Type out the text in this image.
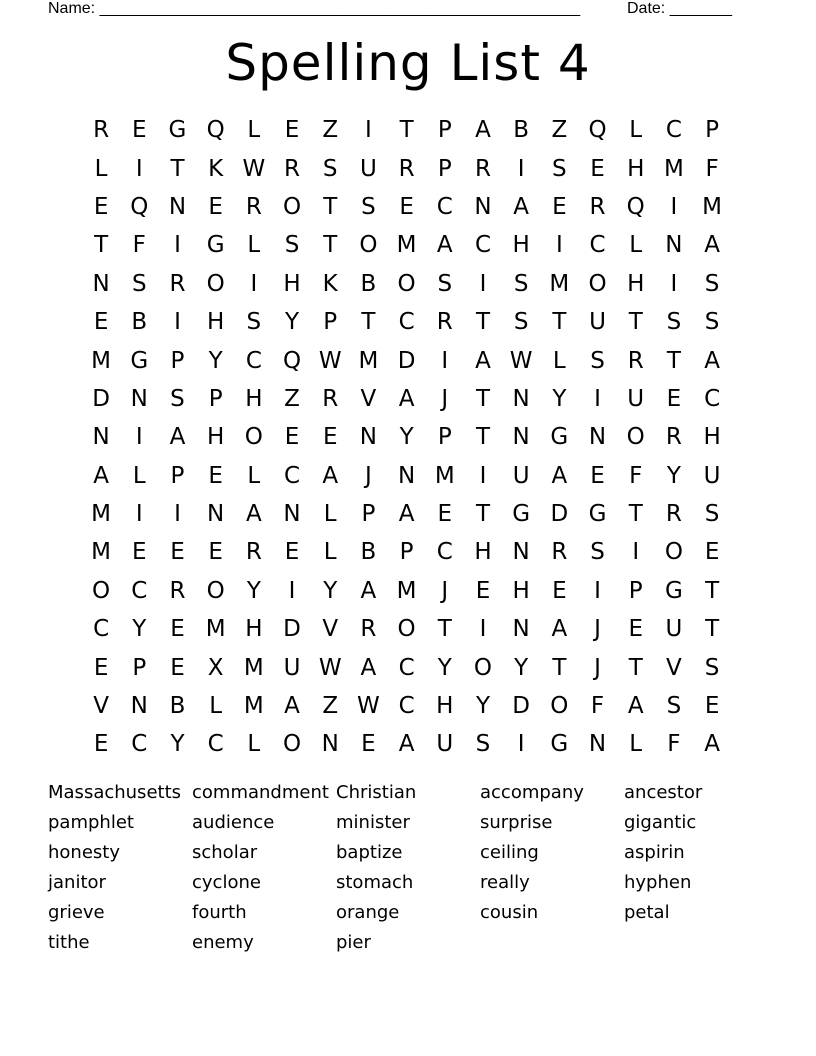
Name: ______________________________________________________	Date: _______
Spelling List 4
R E G Q L	E	Z	I	T	P	A B Z Q L	C	P
L	I	T	K W R S U R	P	R	I	S	E H M F
E Q N E R O T	S	E C N A	E R Q	I	M
T	F	I	G L	S	T O M A C H	I	C	L	N A
N S R O	I	H K B O S	I	S M O H	I	S
E	B	I	H S	Y	P	T	C R	T	S	T U T	S	S
M G P	Y	C Q W M D	I	A W L	S R	T	A
D N S	P H Z R V A	J	T N Y	I	U E C
N	I	A H O E	E N Y	P	T N G N O R H
A	L	P	E	L	C A	J	N M	I	U A	E	F	Y U
M	I	I	N A N	L	P	A	E	T G D G T	R S
M E	E	E R E	L	B	P	C H N R S	I	O E
O C R O Y	I	Y	A M	J	E H E	I	P G T
C	Y	E M H D V R O T	I	N A	J	E U T
E	P	E	X M U W A C	Y O Y	T	J	T	V	S
V N B	L M A Z W C H Y D O F	A	S	E
E C	Y	C	L O N E	A U S	I	G N	L	F	A
Massachusetts commandment Christian	accompany	ancestor
pamphlet	audience	minister	surprise	gigantic
honesty	scholar	baptize	ceiling	aspirin
janitor	cyclone	stomach	really	hyphen
grieve	fourth	orange	cousin	petal
tithe	enemy	pier
